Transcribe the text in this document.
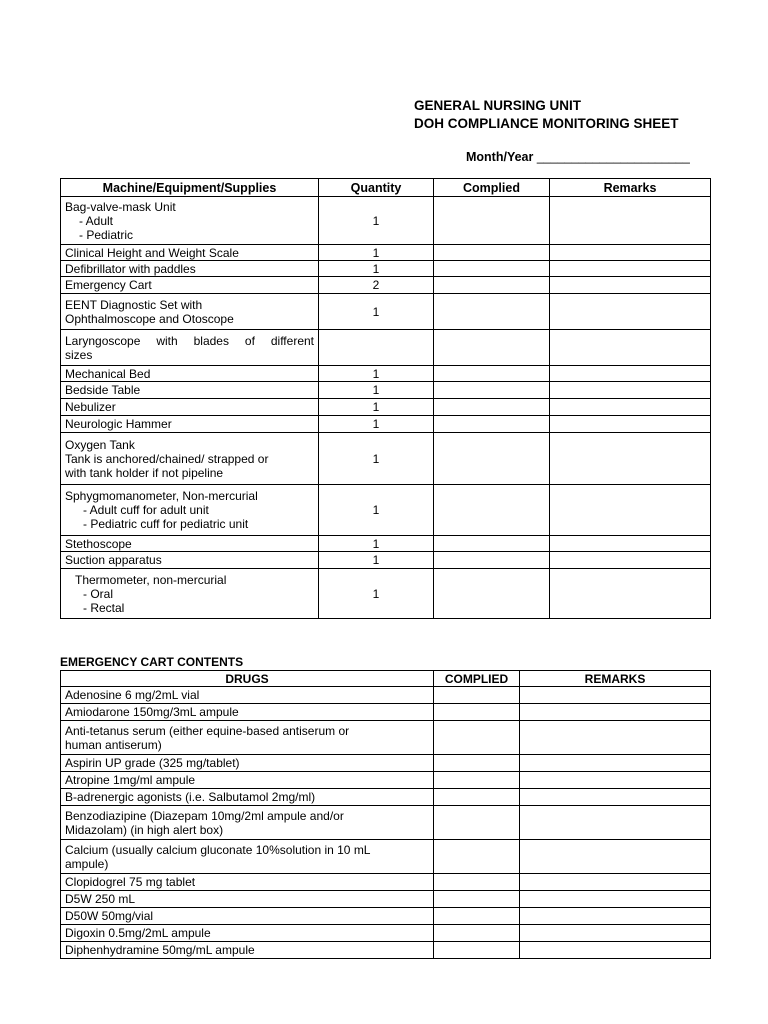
GENERAL NURSING UNIT
DOH COMPLIANCE MONITORING SHEET
Month/Year ______________________
Machine/Equipment/Supplies	Quantity	Complied	Remarks

Bag-valve-mask Unit
- Adult
- Pediatric	1		
Clinical Height and Weight Scale	1		
Defibrillator with paddles	1		
Emergency Cart	2		

EENT Diagnostic Set with
Ophthalmoscope and Otoscope	1		

Laryngoscope with blades of different
sizes			

Mechanical Bed	1		
Bedside Table	1		
Nebulizer	1		
Neurologic Hammer	1		

Oxygen Tank
Tank is anchored/chained/ strapped or
with tank holder if not pipeline	1		

Sphygmomanometer, Non-mercurial
- Adult cuff for adult unit
- Pediatric cuff for pediatric unit	1		
Stethoscope	1		
Suction apparatus	1		

Thermometer, non-mercurial
- Oral
- Rectal	1		
EMERGENCY CART CONTENTS
DRUGS	COMPLIED	REMARKS
Adenosine 6 mg/2mL vial		
Amiodarone 150mg/3mL ampule		

Anti-tetanus serum (either equine-based antiserum or
human antiserum)		

Aspirin UP grade (325 mg/tablet)		
Atropine 1mg/ml ampule		
B-adrenergic agonists (i.e. Salbutamol 2mg/ml)		

Benzodiazipine (Diazepam 10mg/2ml ampule and/or
Midazolam) (in high alert box)		

Calcium (usually calcium gluconate 10%solution in 10 mL
ampule)		

Clopidogrel 75 mg tablet		
D5W 250 mL		
D50W 50mg/vial		
Digoxin 0.5mg/2mL ampule		
Diphenhydramine 50mg/mL ampule		
